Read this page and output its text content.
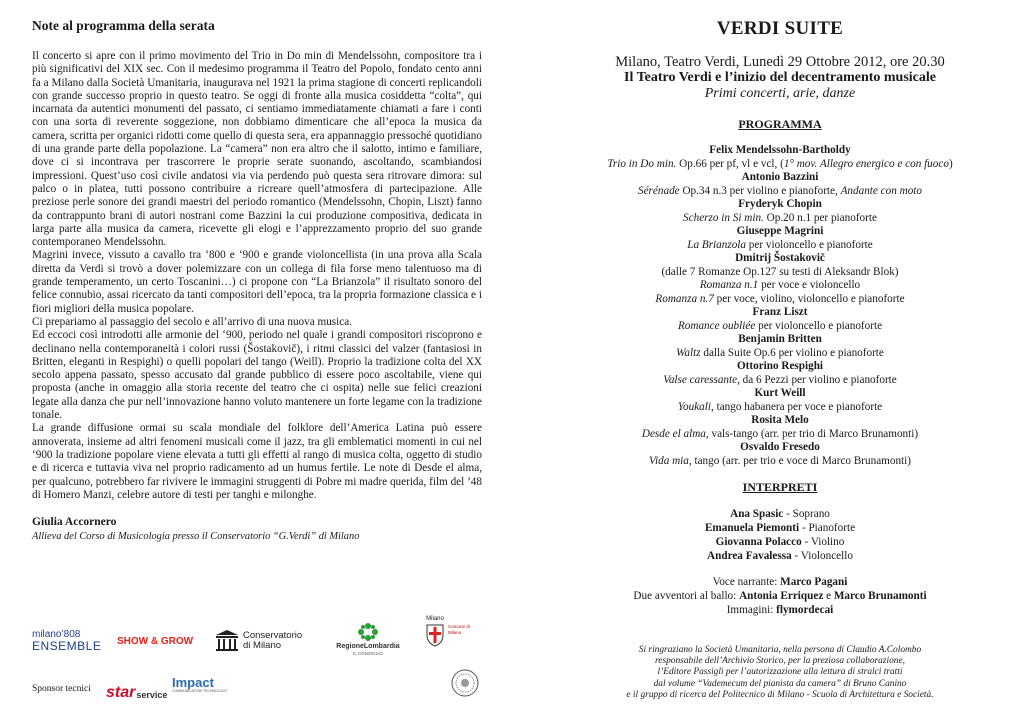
Note al programma della serata

Il concerto si apre con il primo movimento del Trio in Do min di Mendelssohn, compositore tra i più significativi del XIX sec. Con il medesimo programma il Teatro del Popolo, fondato cento anni fa a Milano dalla Società Umanitaria, inaugurava nel 1921 la prima stagione di concerti replicandoli con grande successo proprio in questo teatro. Se oggi di fronte alla musica cosiddetta “colta”, qui incarnata da autentici monumenti del passato, ci sentiamo immediatamente chiamati a fare i conti con una sorta di reverente soggezione, non dobbiamo dimenticare che all’epoca la musica da camera, scritta per organici ridotti come quello di questa sera, era appannaggio pressoché quotidiano di una grande parte della popolazione. La “camera” non era altro che il salotto, intimo e familiare, dove ci si incontrava per trascorrere le proprie serate suonando, ascoltando, scambiandosi impressioni. Quest’uso così civile andatosi via via perdendo può questa sera ritrovare dimora: sul palco o in platea, tutti possono contribuire a ricreare quell’atmosfera di partecipazione. Alle preziose perle sonore dei grandi maestri del periodo romantico (Mendelssohn, Chopin, Liszt) fanno da contrappunto brani di autori nostrani come Bazzini la cui produzione compositiva, dedicata in larga parte alla musica da camera, ricevette gli elogi e l’apprezzamento proprio del suo grande contemporaneo Mendelssohn.

Magrini invece, vissuto a cavallo tra ‘800 e ‘900 e grande violoncellista (in una prova alla Scala diretta da Verdi si trovò a dover polemizzare con un collega di fila forse meno talentuoso ma di grande temperamento, un certo Toscanini…) ci propone con “La Brianzola” il risultato sonoro del felice connubio, assai ricercato da tanti compositori dell’epoca, tra la propria formazione classica e i fiori migliori della musica popolare.

Ci prepariamo al passaggio del secolo e all’arrivo di una nuova musica.

Ed eccoci così introdotti alle armonie del ‘900, periodo nel quale i grandi compositori riscoprono e declinano nella contemporaneità i colori russi (Šostakovič), i ritmi classici del valzer (fantasiosi in Britten, eleganti in Respighi) o quelli popolari del tango (Weill). Proprio la tradizione colta del XX secolo appena passato, spesso accusato dal grande pubblico di essere poco ascoltabile, viene qui proposta (anche in omaggio alla storia recente del teatro che ci ospita) nelle sue felici creazioni legate alla danza che pur nell’innovazione hanno voluto mantenere un forte legame con la tradizione tonale.

La grande diffusione ormai su scala mondiale del folklore dell’America Latina può essere annoverata, insieme ad altri fenomeni musicali come il jazz, tra gli emblematici momenti in cui nel ‘900 la tradizione popolare viene elevata a tutti gli effetti al rango di musica colta, oggetto di studio e di ricerca e tuttavia viva nel proprio radicamento ad un humus fertile. Le note di Desde el alma, per qualcuno, potrebbero far rivivere le immagini struggenti di Pobre mi madre querida, film del ’48 di Homero Manzi, celebre autore di testi per tanghi e milonghe.

Giulia Accornero
Allieva del Corso di Musicologia presso il Conservatorio “G.Verdi” di Milano
milano’808
ENSEMBLE SHOW & GROW	Conservatorio
di Milano	RegioneLombardia
IL CONSIGLIO
Milano
Comune di Milano
Sponsor tecnici star service
Impact
COMMUNICATION TECHNOLOGY
VERDI SUITE
Milano, Teatro Verdi, Lunedì 29 Ottobre 2012, ore 20.30
Il Teatro Verdi e l’inizio del decentramento musicale
Primi concerti, arie, danze
PROGRAMMA
Felix Mendelssohn-Bartholdy
Trio in Do min. Op.66 per pf, vl e vcl, (1° mov. Allegro energico e con fuoco)
Antonio Bazzini
Sérénade Op.34 n.3 per violino e pianoforte, Andante con moto
Fryderyk Chopin
Scherzo in Si min. Op.20 n.1 per pianoforte
Giuseppe Magrini
La Brianzola per violoncello e pianoforte
Dmitrij Šostakovič
(dalle 7 Romanze Op.127 su testi di Aleksandr Blok)
Romanza n.1 per voce e violoncello
Romanza n.7 per voce, violino, violoncello e pianoforte
Franz Liszt
Romance oubliée per violoncello e pianoforte
Benjamin Britten
Waltz dalla Suite Op.6 per violino e pianoforte
Ottorino Respighi
Valse caressante, da 6 Pezzi per violino e pianoforte
Kurt Weill
Youkali, tango habanera per voce e pianoforte
Rosita Melo
Desde el alma, vals-tango (arr. per trio di Marco Brunamonti)
Osvaldo Fresedo
Vida mia, tango (arr. per trio e voce di Marco Brunamonti)
INTERPRETI
Ana Spasic - Soprano
Emanuela Piemonti - Pianoforte
Giovanna Polacco - Violino
Andrea Favalessa - Violoncello
Voce narrante: Marco Pagani
Due avventori al ballo: Antonia Erriquez e Marco Brunamonti
Immagini: flymordecai
Si ringraziano la Società Umanitaria, nella persona di Claudio A.Colombo
responsabile dell’Archivio Storico, per la preziosa collaborazione,
l’Editore Passigli per l’autorizzazione alla lettura di stralci tratti
dal volume “Vademecum del pianista da camera” di Bruno Canino
e il gruppo di ricerca del Politecnico di Milano - Scuola di Architettura e Società.
